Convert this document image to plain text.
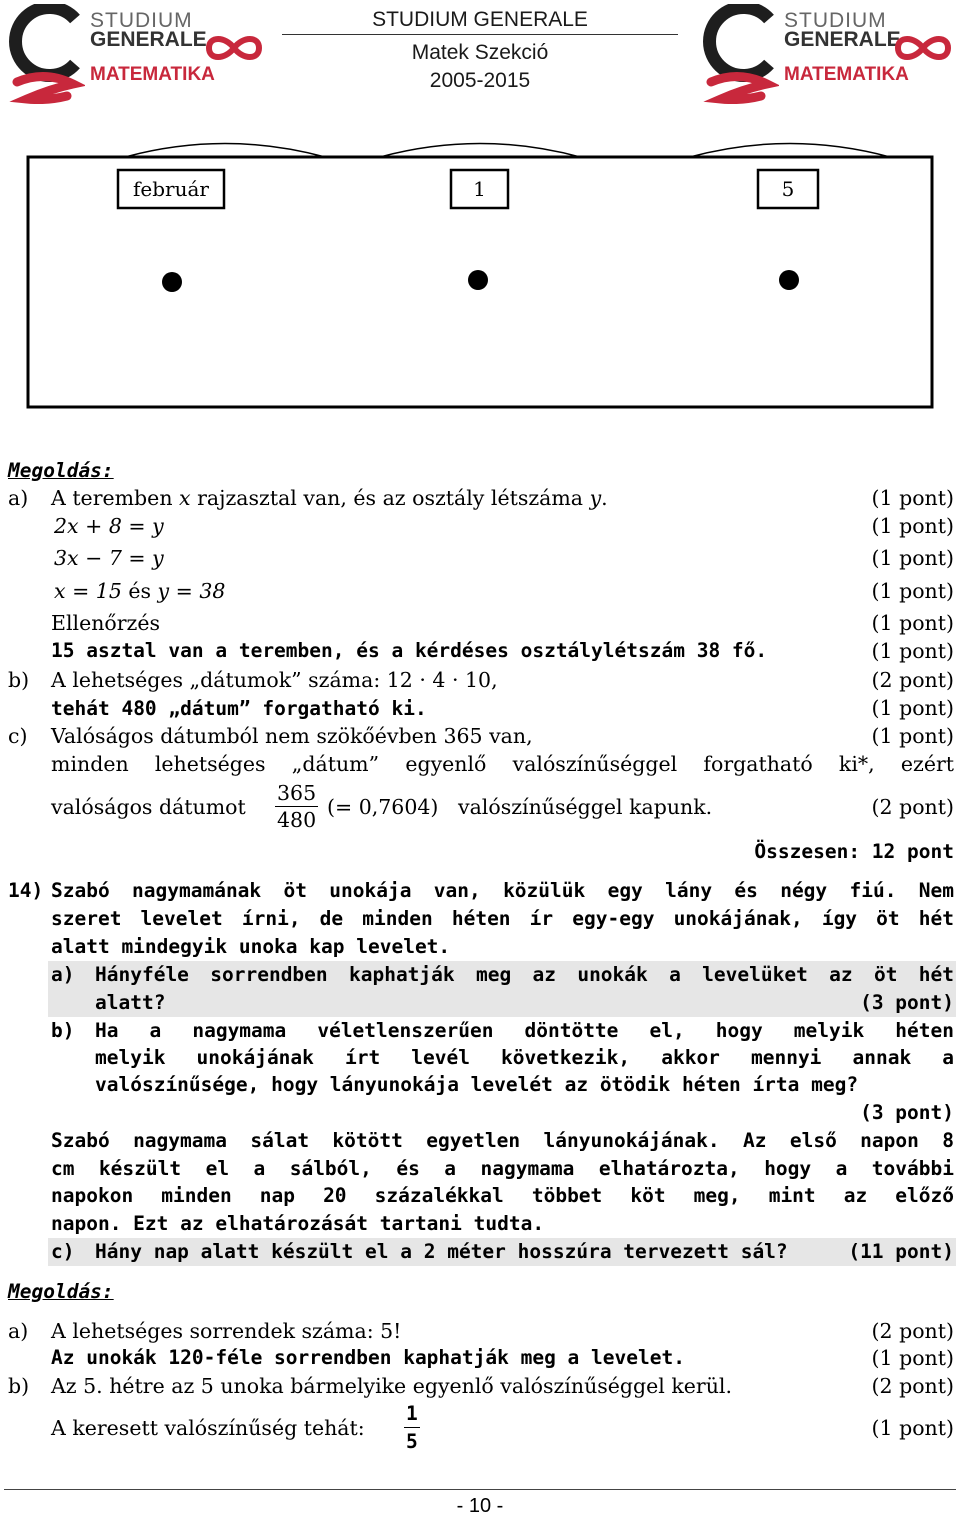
STUDIUM
GENERALE
MATEMATIKA
STUDIUM GENERALE
Matek Szekció
2005-2015
STUDIUM
GENERALE
MATEMATIKA
február	1	5
Megoldás:
a) A teremben x rajzasztal van, és az osztály létszáma y.	(1 pont)
2x + 8 = y	(1 pont)
3x − 7 = y	(1 pont)
x = 15 és y = 38	(1 pont)
Ellenőrzés	(1 pont)
15 asztal van a teremben, és a kérdéses osztálylétszám 38 fő.	(1 pont)
b) A lehetséges „dátumok” száma: 12 · 4 · 10,	(2 pont)
tehát 480 „dátum” forgatható ki.	(1 pont)
c) Valóságos dátumból nem szökőévben 365 van,	(1 pont)
minden lehetséges „dátum” egyenlő valószínűséggel forgatható ki*, ezért
valóságos dátumot $\frac{365}{480}$ (= 0,7604) valószínűséggel kapunk.	(2 pont)
Összesen: 12 pont
14) Szabó nagymamának öt unokája van, közülük egy lány és négy fiú. Nem
szeret levelet írni, de minden héten ír egy-egy unokájának, így öt hét
alatt mindegyik unoka kap levelet.
a) Hányféle sorrendben kaphatják meg az unokák a levelüket az öt hét
alatt?	(3 pont)
b) Ha a nagymama véletlenszerűen döntötte el, hogy melyik héten
melyik unokájának írt levél következik, akkor mennyi annak a
valószínűsége, hogy lányunokája levelét az ötödik héten írta meg?
(3 pont)
Szabó nagymama sálat kötött egyetlen lányunokájának. Az első napon 8
cm készült el a sálból, és a nagymama elhatározta, hogy a további
napokon minden nap 20 százalékkal többet köt meg, mint az előző
napon. Ezt az elhatározását tartani tudta.
c) Hány nap alatt készült el a 2 méter hosszúra tervezett sál?	(11 pont)
Megoldás:
a) A lehetséges sorrendek száma: 5!	(2 pont)
Az unokák 120-féle sorrendben kaphatják meg a levelet.	(1 pont)
b) Az 5. hétre az 5 unoka bármelyike egyenlő valószínűséggel kerül.	(2 pont)
A keresett valószínűség tehát: $\frac{1}{5}$	(1 pont)
- 10 -
